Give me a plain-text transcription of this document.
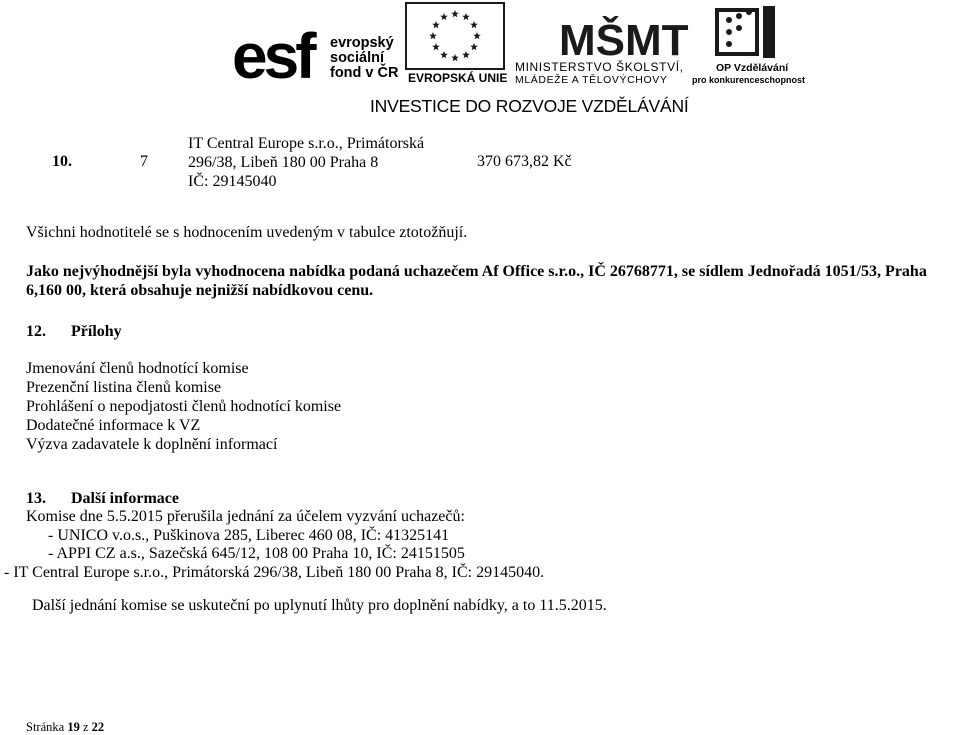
esf evropský
sociální
fond v ČR EVROPSKÁ UNIE
MŠMT
MINISTERSTVO ŠKOLSTVÍ,
MLÁDEŽE A TĚLOVÝCHOVY
OP Vzdělávání
pro konkurenceschopnost
INVESTICE DO ROZVOJE VZDĚLÁVÁNÍ
10.	7
IT Central Europe s.r.o., Primátorská
296/38, Libeň 180 00 Praha 8
IČ: 29145040
370 673,82 Kč
Všichni hodnotitelé se s hodnocením uvedeným v tabulce ztotožňují.
Jako nejvýhodnější byla vyhodnocena nabídka podaná uchazečem Af Office s.r.o., IČ 26768771, se sídlem Jednořadá 1051/53, Praha
6,160 00, která obsahuje nejnižší nabídkovou cenu.
12. Přílohy
Jmenování členů hodnotící komise
Prezenční listina členů komise
Prohlášení o nepodjatosti členů hodnotící komise
Dodatečné informace k VZ
Výzva zadavatele k doplnění informací
13. Další informace
Komise dne 5.5.2015 přerušila jednání za účelem vyzvání uchazečů:
- UNICO v.o.s., Puškinova 285, Liberec 460 08, IČ: 41325141
- APPI CZ a.s., Sazečská 645/12, 108 00 Praha 10, IČ: 24151505
- IT Central Europe s.r.o., Primátorská 296/38, Libeň 180 00 Praha 8, IČ: 29145040.
Další jednání komise se uskuteční po uplynutí lhůty pro doplnění nabídky, a to 11.5.2015.
Stránka 19 z 22
